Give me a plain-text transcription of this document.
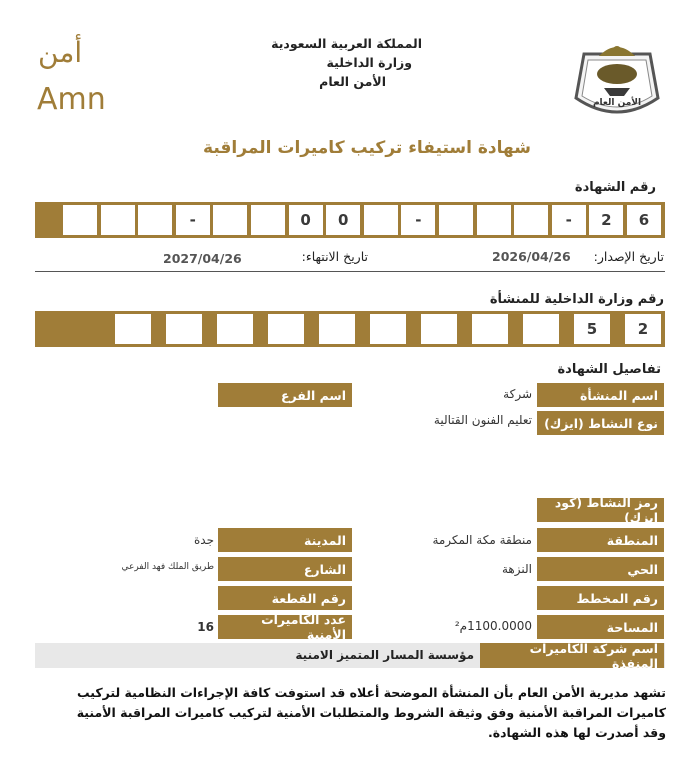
المملكة العربية السعودية
وزارة الداخلية
الأمن العام
أمن
Amn	الأمن العام
شهادة استيفاء تركيب كاميرات المراقبة
رقم الشهادة
6
2
-
-
0
0
-
تاريخ الإصدار:
2026/04/26
تاريخ الانتهاء:
2027/04/26
رقم وزارة الداخلية للمنشأة
2
5
تفاصيل الشهادة
اسم المنشأة
شركة
اسم الفرع
نوع النشاط (ايزك)
تعليم الفنون القتالية
رمز النشاط (كود ايزك)
المنطقة
منطقة مكة المكرمة
المدينة
جدة
الحي
النزهة
الشارع
طريق الملك فهد الفرعي
رقم المخطط
رقم القطعة
المساحة
1100.0000م²
عدد الكاميرات الأمنية
16
اسم شركة الكاميرات المنفذة
مؤسسة المسار المتميز الامنية
تشهد مديرية الأمن العام بأن المنشأة الموضحة أعلاه قد استوفت كافة الإجراءات النظامية لتركيب كاميرات المراقبة الأمنية وفق وثيقة الشروط والمتطلبات الأمنية لتركيب كاميرات المراقبة الأمنية وقد أصدرت لها هذه الشهادة.
